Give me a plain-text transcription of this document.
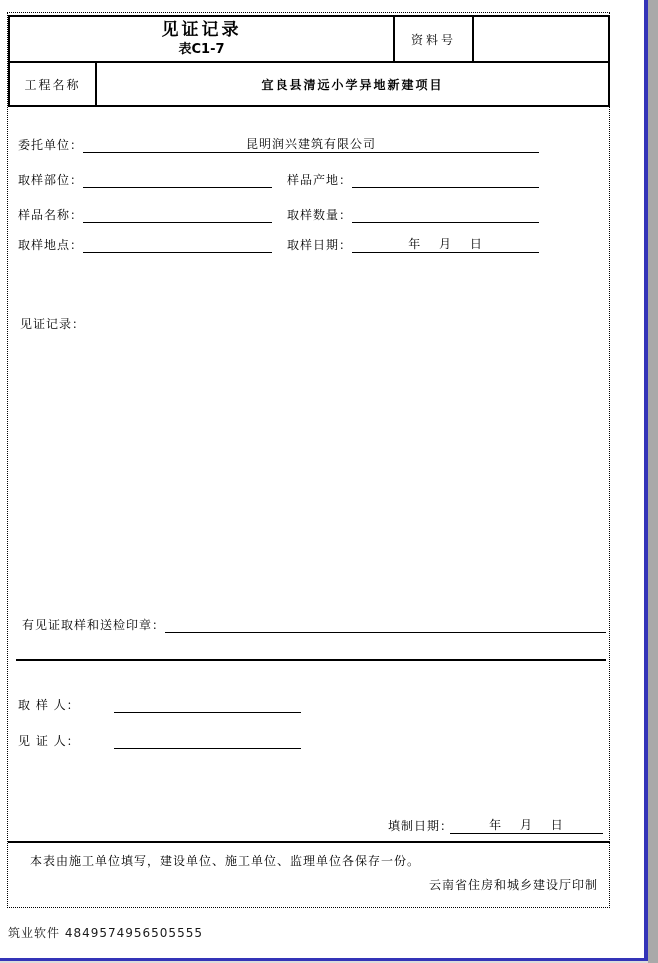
见证记录
表C1-7
资料号
工程名称	宜良县清远小学异地新建项目
委托单位：	昆明润兴建筑有限公司
取样部位：	样品产地：
样品名称：	取样数量：
取样地点：	取样日期：	年　 月　 日
见证记录：
有见证取样和送检印章：
取 样 人：
见 证 人：
填制日期：	年　 月　 日
本表由施工单位填写，建设单位、施工单位、监理单位各保存一份。
云南省住房和城乡建设厅印制
筑业软件 4849574956505555
